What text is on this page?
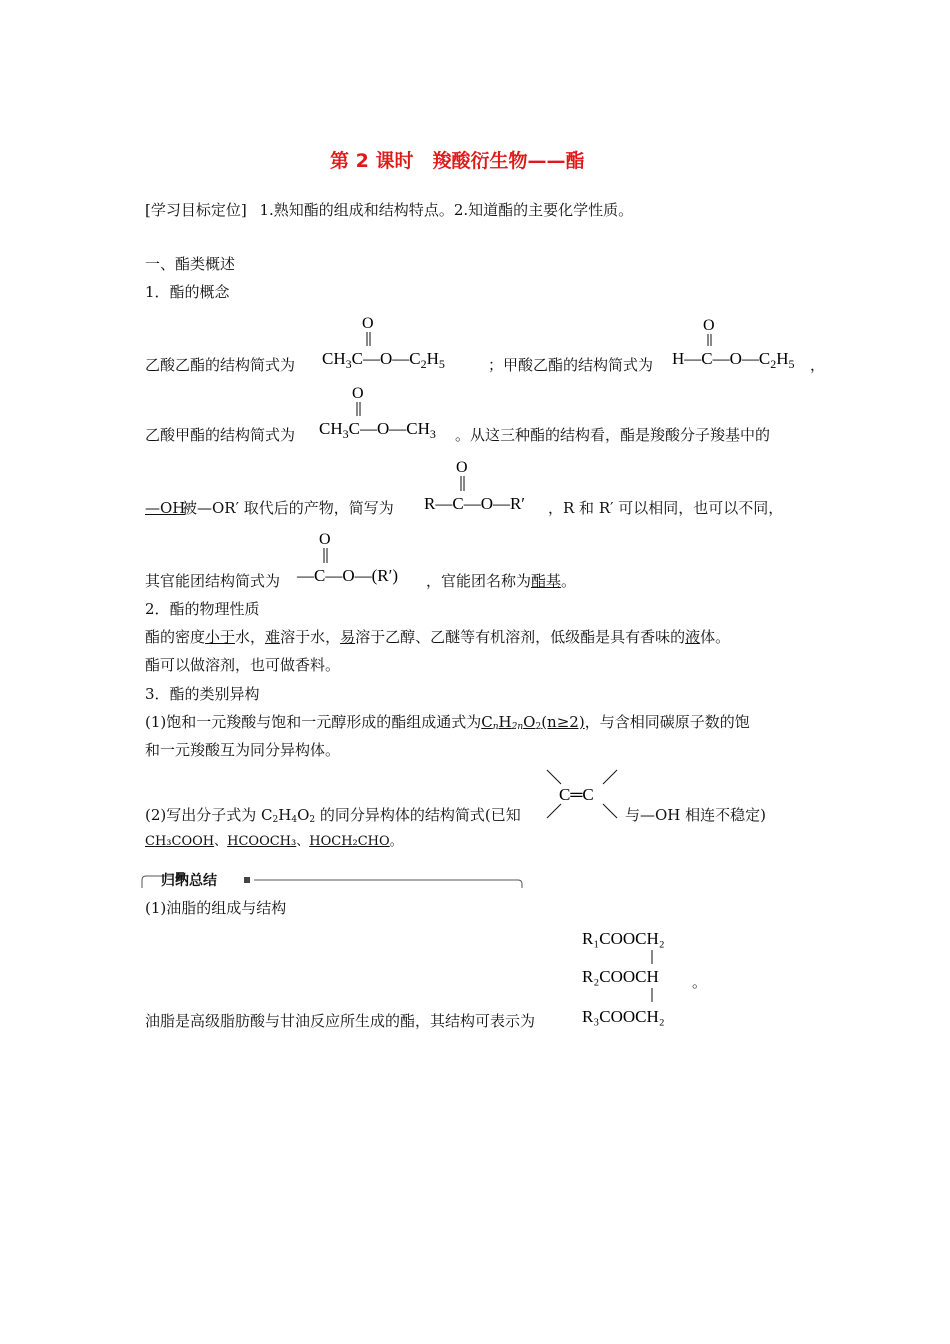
第 2 课时　羧酸衍生物——酯
[学习目标定位] 1.熟知酯的组成和结构特点。2.知道酯的主要化学性质。
一、酯类概述
1．酯的概念
乙酸乙酯的结构简式为
O
$CH_3C—O—C_2H_5$	；甲酸乙酯的结构简式为
O
$H—C—O—C_2H_5$ ，
乙酸甲酯的结构简式为
O
$CH_3C—O—CH_3$ 。从这三种酯的结构看，酯是羧酸分子羧基中的
—OH
被—OR′ 取代后的产物，简写为
O
R—C—O—R′ ，R 和 R′ 可以相同，也可以不同，
其官能团结构简式为
O
—C—O—(R′) ，官能团名称为酯基。
2．酯的物理性质
酯的密度小于水，难溶于水，易溶于乙醇、乙醚等有机溶剂，低级酯是具有香味的液体。
酯可以做溶剂，也可做香料。
3．酯的类别异构
(1)饱和一元羧酸与饱和一元醇形成的酯组成通式为CnH2nO2(n≥2)，与含相同碳原子数的饱
和一元羧酸互为同分异构体。
(2)写出分子式为 C2H4O2 的同分异构体的结构简式(已知
C═C
与—OH 相连不稳定)
CH₃COOH、HCOOCH₃、HOCH₂CHO。
归纳总结
(1)油脂的组成与结构
油脂是高级脂肪酸与甘油反应所生成的酯，其结构可表示为
R₁COOCH₂
R₂COOCH
R₃COOCH₂
。
